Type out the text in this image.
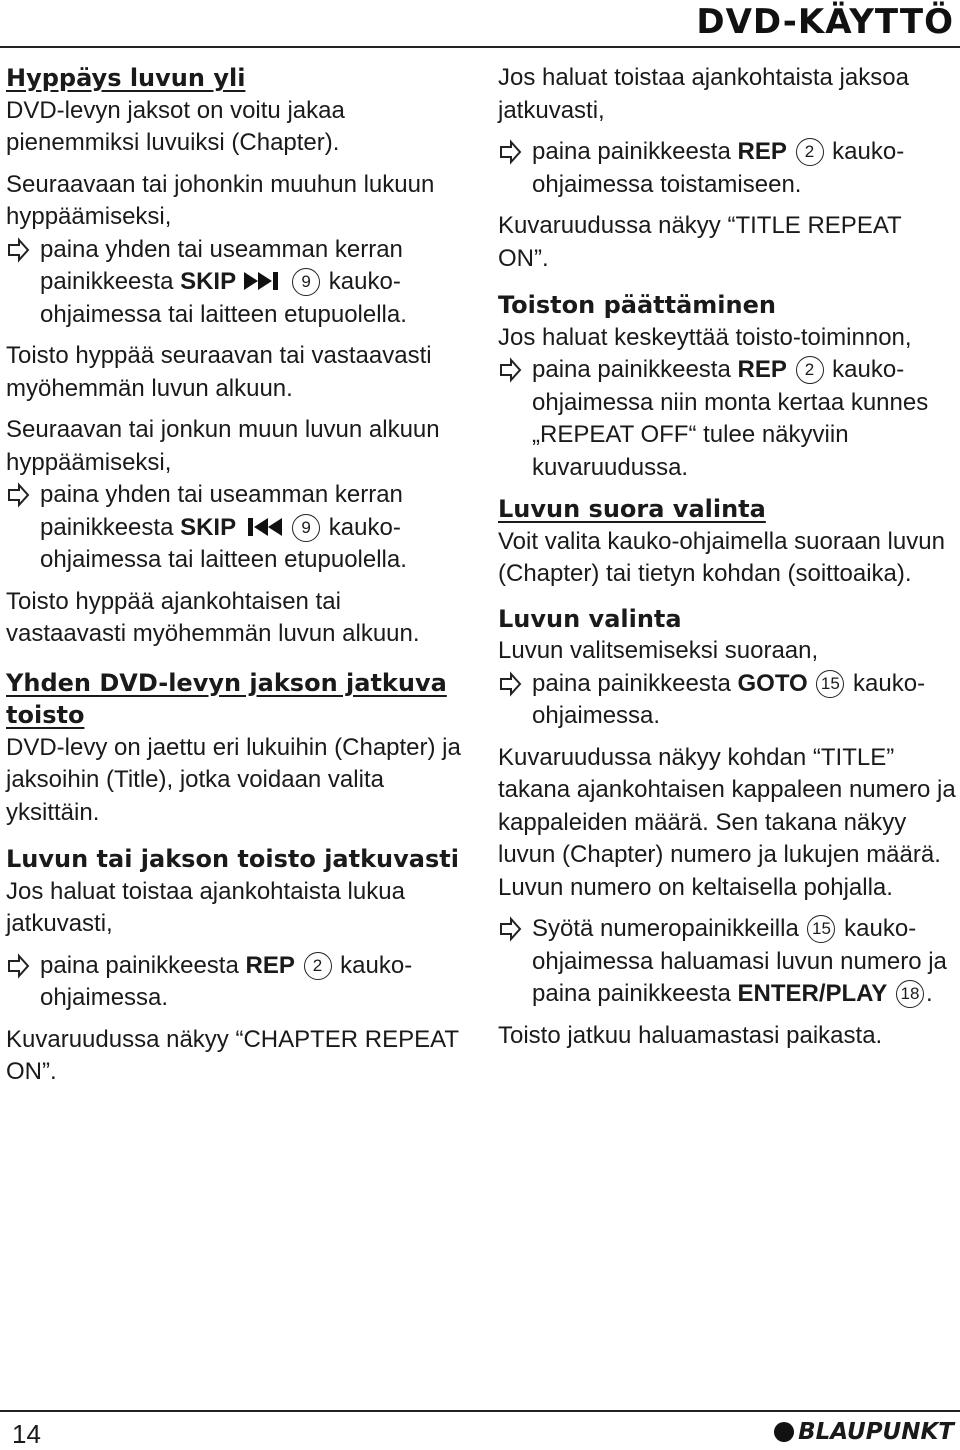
DVD-KÄYTTÖ

Hyppäys luvun yli

DVD-levyn jaksot on voitu jakaa pienemmiksi luvuiksi (Chapter).

Seuraavaan tai johonkin muuhun lukuun hyppäämiseksi,

paina yhden tai useamman kerran painikkeesta SKIP	9 kaukoohjaimessa tai laitteen etupuolella.

Toisto hyppää seuraavan tai vastaavasti myöhemmän luvun alkuun.

Seuraavan tai jonkun muun luvun alkuun hyppäämiseksi,

paina yhden tai useamman kerran painikkeesta SKIP	9 kaukoohjaimessa tai laitteen etupuolella.

Toisto hyppää ajankohtaisen tai vastaavasti myöhemmän luvun alkuun.

Yhden DVD-levyn jakson jatkuva toisto

DVD-levy on jaettu eri lukuihin (Chapter) ja jaksoihin (Title), jotka voidaan valita yksittäin.

Luvun tai jakson toisto jatkuvasti

Jos haluat toistaa ajankohtaista lukua jatkuvasti,

paina painikkeesta REP 2 kaukoohjaimessa.

Kuvaruudussa näkyy “CHAPTER REPEAT ON”.

Jos haluat toistaa ajankohtaista jaksoa jatkuvasti,

paina painikkeesta REP 2 kaukoohjaimessa toistamiseen.

Kuvaruudussa näkyy “TITLE REPEAT ON”.

Toiston päättäminen

Jos haluat keskeyttää toisto-toiminnon,

paina painikkeesta REP 2 kaukoohjaimessa niin monta kertaa kunnes „REPEAT OFF“ tulee näkyviin kuvaruudussa.

Luvun suora valinta

Voit valita kauko-ohjaimella suoraan luvun (Chapter) tai tietyn kohdan (soittoaika).

Luvun valinta

Luvun valitsemiseksi suoraan,

paina painikkeesta GOTO 15 kauko-ohjaimessa.

Kuvaruudussa näkyy kohdan “TITLE” takana ajankohtaisen kappaleen numero ja kappaleiden määrä. Sen takana näkyy luvun (Chapter) numero ja lukujen määrä. Luvun numero on keltaisella pohjalla.

Syötä numeropainikkeilla 15 kauko-ohjaimessa haluamasi luvun numero ja paina painikkeesta ENTER/PLAY 18 .

Toisto jatkuu haluamastasi paikasta.

14	BLAUPUNKT
